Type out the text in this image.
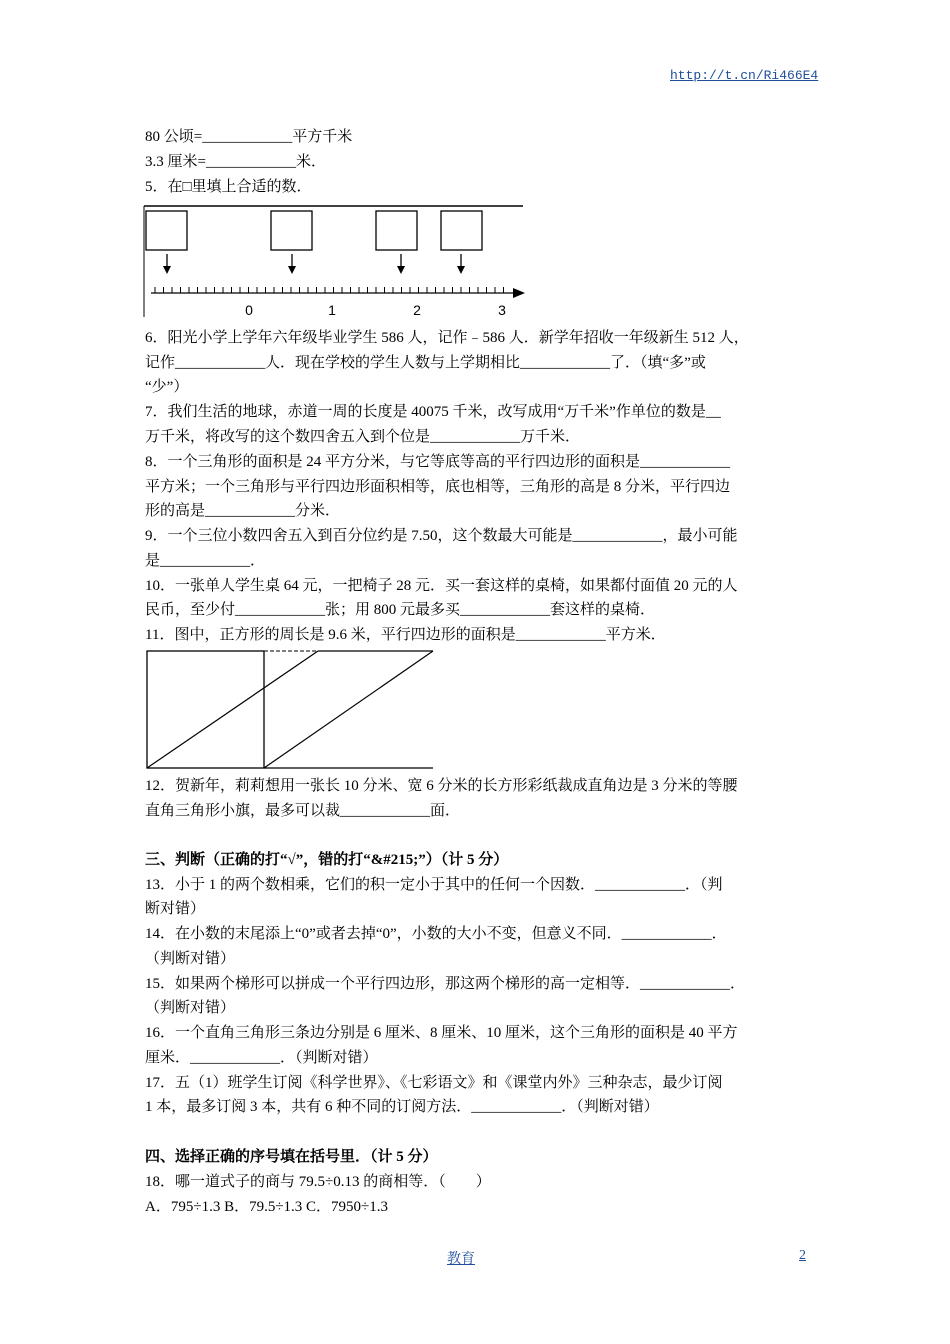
http://t.cn/Ri466E4
80 公顷=____________平方千米
3.3 厘米=____________米．
5．在□里填上合适的数．
0	1	2	3
6．阳光小学上学年六年级毕业学生 586 人，记作﹣586 人．新学年招收一年级新生 512 人，
记作____________人．现在学校的学生人数与上学期相比____________了．（填“多”或
“少”）
7．我们生活的地球，赤道一周的长度是 40075 千米，改写成用“万千米”作单位的数是__
万千米，将改写的这个数四舍五入到个位是____________万千米．
8．一个三角形的面积是 24 平方分米，与它等底等高的平行四边形的面积是____________
平方米；一个三角形与平行四边形面积相等，底也相等，三角形的高是 8 分米，平行四边
形的高是____________分米．
9．一个三位小数四舍五入到百分位约是 7.50，这个数最大可能是____________，最小可能
是____________．
10．一张单人学生桌 64 元，一把椅子 28 元．买一套这样的桌椅，如果都付面值 20 元的人
民币，至少付____________张；用 800 元最多买____________套这样的桌椅．
11．图中，正方形的周长是 9.6 米，平行四边形的面积是____________平方米．
12．贺新年，莉莉想用一张长 10 分米、宽 6 分米的长方形彩纸裁成直角边是 3 分米的等腰
直角三角形小旗，最多可以裁____________面．
三、判断（正确的打“√”，错的打“&#215;”）（计 5 分）
13．小于 1 的两个数相乘，它们的积一定小于其中的任何一个因数．____________．（判
断对错）
14．在小数的末尾添上“0”或者去掉“0”，小数的大小不变，但意义不同．____________．
（判断对错）
15．如果两个梯形可以拼成一个平行四边形，那这两个梯形的高一定相等．____________．
（判断对错）
16．一个直角三角形三条边分别是 6 厘米、8 厘米、10 厘米，这个三角形的面积是 40 平方
厘米．____________．（判断对错）
17．五（1）班学生订阅《科学世界》、《七彩语文》和《课堂内外》三种杂志，最少订阅
1 本，最多订阅 3 本，共有 6 种不同的订阅方法．____________．（判断对错）
四、选择正确的序号填在括号里．（计 5 分）
18．哪一道式子的商与 79.5÷0.13 的商相等．（　　）
A．795÷1.3 B．79.5÷1.3 C．7950÷1.3
教育	2
